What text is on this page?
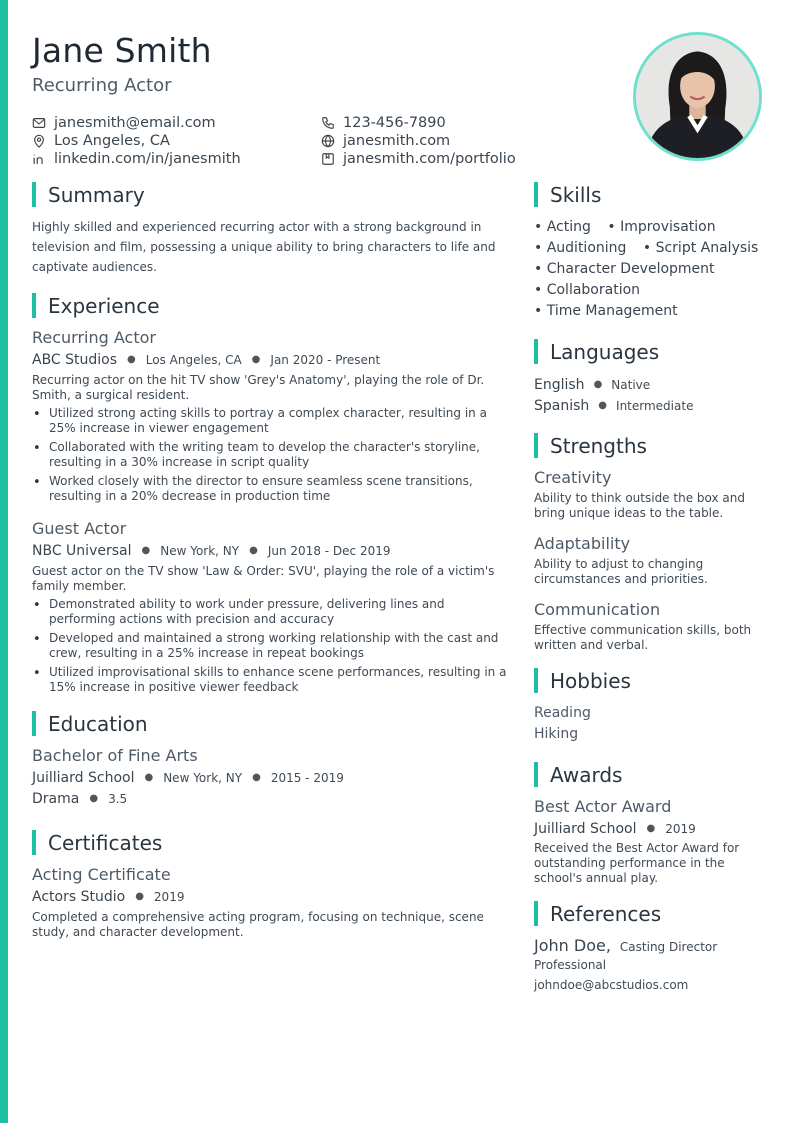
Jane Smith
Recurring Actor
janesmith@email.com	123-456-7890
Los Angeles, CA	janesmith.com
linkedin.com/in/janesmith	janesmith.com/portfolio
Summary
Highly skilled and experienced recurring actor with a strong background in television and film, possessing a unique ability to bring characters to life and captivate audiences.
Experience
Recurring Actor
ABC Studios ● Los Angeles, CA ● Jan 2020 - Present
Recurring actor on the hit TV show 'Grey's Anatomy', playing the role of Dr. Smith, a surgical resident.
• Utilized strong acting skills to portray a complex character, resulting in a 25% increase in viewer engagement
• Collaborated with the writing team to develop the character's storyline, resulting in a 30% increase in script quality
• Worked closely with the director to ensure seamless scene transitions, resulting in a 20% decrease in production time
Guest Actor
NBC Universal ● New York, NY ● Jun 2018 - Dec 2019
Guest actor on the TV show 'Law & Order: SVU', playing the role of a victim's family member.
• Demonstrated ability to work under pressure, delivering lines and performing actions with precision and accuracy
• Developed and maintained a strong working relationship with the cast and crew, resulting in a 25% increase in repeat bookings
• Utilized improvisational skills to enhance scene performances, resulting in a 15% increase in positive viewer feedback
Education
Bachelor of Fine Arts
Juilliard School ● New York, NY ● 2015 - 2019
Drama ● 3.5
Certificates
Acting Certificate
Actors Studio ● 2019
Completed a comprehensive acting program, focusing on technique, scene study, and character development.
Skills
• Acting • Improvisation
• Auditioning • Script Analysis
• Character Development
• Collaboration
• Time Management
Languages
English ● Native
Spanish ● Intermediate
Strengths
Creativity
Ability to think outside the box and bring unique ideas to the table.
Adaptability
Ability to adjust to changing circumstances and priorities.
Communication
Effective communication skills, both written and verbal.
Hobbies
Reading
Hiking
Awards
Best Actor Award
Juilliard School ● 2019
Received the Best Actor Award for outstanding performance in the school's annual play.
References
John Doe, Casting Director
Professional
johndoe@abcstudios.com
